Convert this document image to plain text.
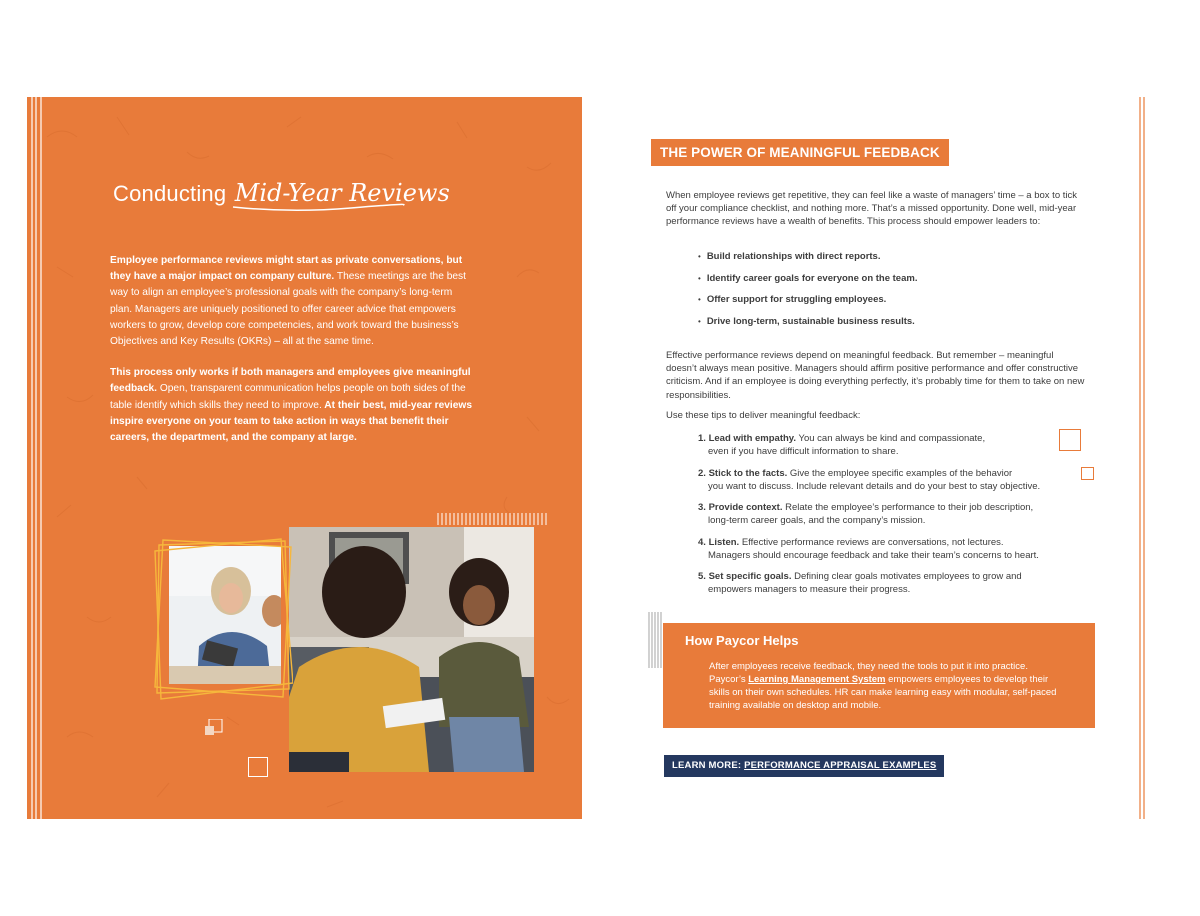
Conducting Mid-Year Reviews

Employee performance reviews might start as private conversations, but they have a major impact on company culture. These meetings are the best way to align an employee’s professional goals with the company’s long-term plan. Managers are uniquely positioned to offer career advice that empowers workers to grow, develop core competencies, and work toward the business’s Objectives and Key Results (OKRs) – all at the same time.

This process only works if both managers and employees give meaningful feedback. Open, transparent communication helps people on both sides of the table identify which skills they need to improve. At their best, mid-year reviews inspire everyone on your team to take action in ways that benefit their careers, the department, and the company at large.

THE POWER OF MEANINGFUL FEEDBACK
When employee reviews get repetitive, they can feel like a waste of managers’ time – a box to tick off your compliance checklist, and nothing more. That’s a missed opportunity. Done well, mid-year performance reviews have a wealth of benefits. This process should empower leaders to:
• Build relationships with direct reports.
• Identify career goals for everyone on the team.
• Offer support for struggling employees.
• Drive long-term, sustainable business results.
Effective performance reviews depend on meaningful feedback. But remember – meaningful doesn’t always mean positive. Managers should affirm positive performance and offer constructive criticism. And if an employee is doing everything perfectly, it’s probably time for them to take on new responsibilities.
Use these tips to deliver meaningful feedback:
1. Lead with empathy. You can always be kind and compassionate,
even if you have difficult information to share.
2. Stick to the facts. Give the employee specific examples of the behavior
you want to discuss. Include relevant details and do your best to stay objective.
3. Provide context. Relate the employee’s performance to their job description,
long-term career goals, and the company’s mission.
4. Listen. Effective performance reviews are conversations, not lectures.
Managers should encourage feedback and take their team’s concerns to heart.
5. Set specific goals. Defining clear goals motivates employees to grow and
empowers managers to measure their progress.
How Paycor Helps
After employees receive feedback, they need the tools to put it into practice.
Paycor’s Learning Management System empowers employees to develop their skills on their own schedules. HR can make learning easy with modular, self-paced training available on desktop and mobile.
LEARN MORE: PERFORMANCE APPRAISAL EXAMPLES
